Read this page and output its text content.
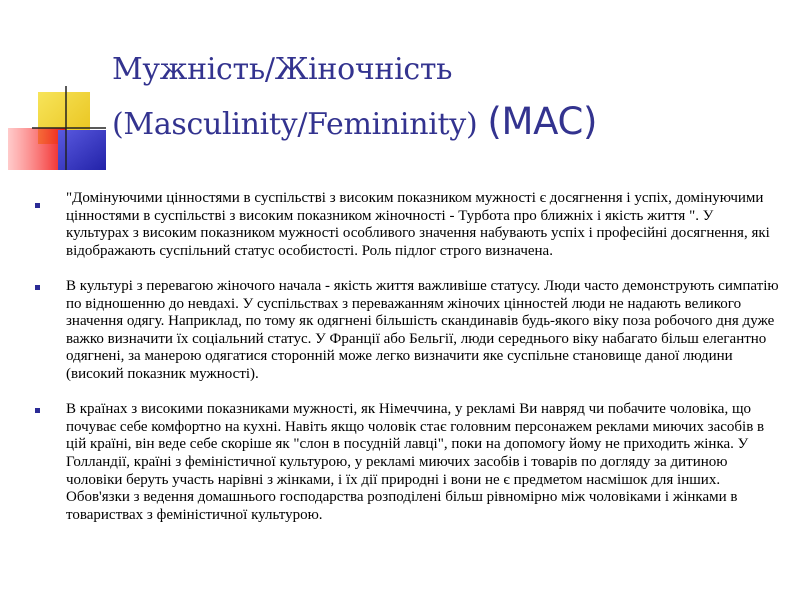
Мужність/Жіночність
(Masculinity/Femininity) (MAC)
"Домінуючими цінностями в суспільстві з високим показником мужності є досягнення і успіх, домінуючими цінностями в суспільстві з високим показником жіночності - Турбота про ближніх і якість життя ". У культурах з високим показником мужності особливого значення набувають успіх і професійні досягнення, які відображають суспільний статус особистості. Роль підлог строго визначена.
В культурі з перевагою жіночого начала - якість життя важливіше статусу. Люди часто демонструють симпатію по відношенню до невдахі. У суспільствах з переважанням жіночих цінностей люди не надають великого значення одягу. Наприклад, по тому як одягнені більшість скандинавів будь-якого віку поза робочого дня дуже важко визначити їх соціальний статус. У Франції або Бельгії, люди середнього віку набагато більш елегантно одягнені, за манерою одягатися сторонній може легко визначити яке суспільне становище даної людини (високий показник мужності).
В країнах з високими показниками мужності, як Німеччина, у рекламі Ви навряд чи побачите чоловіка, що почуває себе комфортно на кухні. Навіть якщо чоловік стає головним персонажем реклами миючих засобів в цій країні, він веде себе скоріше як "слон в посудній лавці", поки на допомогу йому не приходить жінка. У Голландії, країні з феміністичної культурою, у рекламі миючих засобів і товарів по догляду за дитиною чоловіки беруть участь нарівні з жінками, і їх дії природні і вони не є предметом насмішок для інших. Обов'язки з ведення домашнього господарства розподілені більш рівномірно між чоловіками і жінками в товариствах з феміністичної культурою.
